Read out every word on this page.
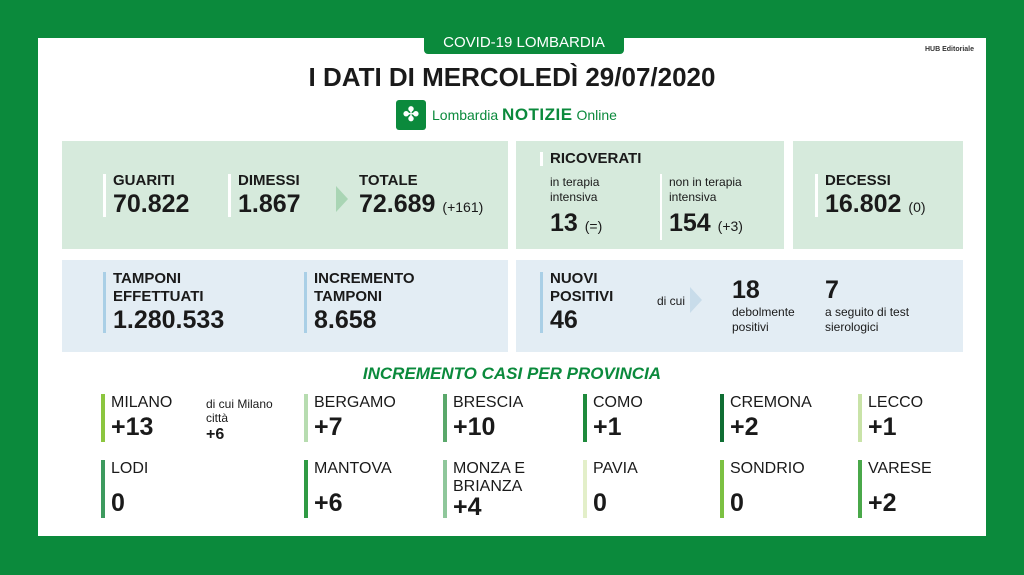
COVID-19 LOMBARDIA	HUB Editoriale
I DATI DI MERCOLEDÌ 29/07/2020
✤ Lombardia NOTIZIE Online
GUARITI
70.822
DIMESSI
1.867
TOTALE
72.689 (+161)
RICOVERATI
in terapia intensiva
13 (=)
non in terapia intensiva
154 (+3)
DECESSI
16.802 (0)
TAMPONI EFFETTUATI
1.280.533
INCREMENTO TAMPONI
8.658
NUOVI POSITIVI
46
di cui 18
debolmente positivi
7
a seguito di test sierologici
INCREMENTO CASI PER PROVINCIA
MILANO
+13
di cui Milano città
+6
BERGAMO
+7
BRESCIA
+10
COMO
+1
CREMONA
+2
LECCO
+1
LODI
0
MANTOVA
+6
MONZA E BRIANZA
+4
PAVIA
0
SONDRIO
0
VARESE
+2
